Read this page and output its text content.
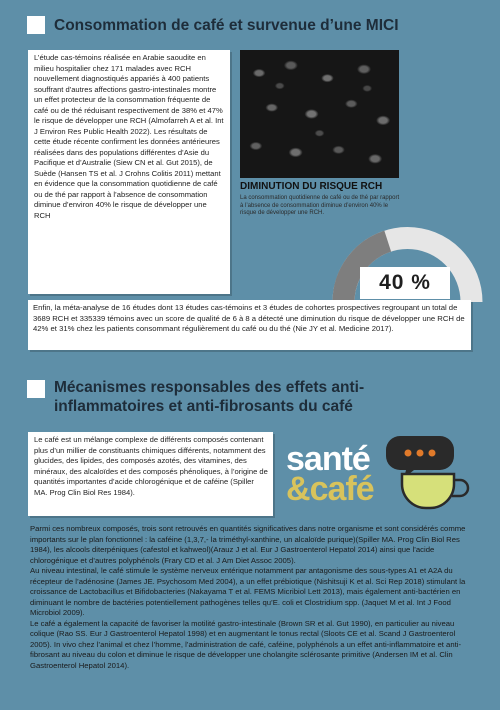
Consommation de café et survenue d’une MICI
L’étude cas-témoins réalisée en Arabie saoudite en milieu hospitalier chez 171 malades avec RCH nouvellement diagnostiqués appariés à 400 patients souffrant d'autres affections gastro-intestinales montre un effet protecteur de la consommation fréquente de café ou de thé réduisant respectivement de 38% et 47% le risque de développer une RCH (Almofarreh A et al. Int J Environ Res Public Health 2022). Les résultats de cette étude récente confirment les données antérieures réalisées dans des populations différentes d’Asie du Pacifique et d’Australie (Siew CN et al. Gut 2015), de Suède (Hansen TS et al. J Crohns Colitis 2011) mettant en évidence que la consommation quotidienne de café ou de thé par rapport à l’absence de consommation diminue d’environ 40% le risque de développer une RCH
DIMINUTION DU RISQUE RCH
La consommation quotidienne de café ou de thé par rapport à l’absence de consommation diminue d’environ 40% le risque de développer une RCH.
40 %
Enfin, la méta-analyse de 16 études dont 13 études cas-témoins et 3 études de cohortes prospectives regroupant un total de 3689 RCH et 335339 témoins avec un score de qualité de 6 à 8 a détecté une diminution du risque de développer une RCH de 42% et 31% chez les patients consommant régulièrement du café ou du thé (Nie JY et al. Medicine 2017).
Mécanismes responsables des effets anti-
inflammatoires et anti-fibrosants du café
Le café est un mélange complexe de différents composés contenant plus d’un millier de constituants chimiques différents, notamment des glucides, des lipides, des composés azotés, des vitamines, des minéraux, des alcaloïdes et des composés phénoliques, à l’origine de quantités importantes d’acide chlorogénique et de caféine (Spiller MA. Prog Clin Biol Res 1984).
santé
&café
Parmi ces nombreux composés, trois sont retrouvés en quantités significatives dans notre organisme et sont considérés comme importants sur le plan fonctionnel : la caféine (1,3,7,- la triméthyl-xanthine, un alcaloïde purique)(Spiller MA. Prog Clin Biol Res 1984), les alcools diterpéniques (cafestol et kahweol)(Arauz J et al. Eur J Gastroenterol Hepatol 2014) ainsi que l’acide chlorogénique et d’autres polyphénols (Frary CD et al. J Am Diet Assoc 2005).
Au niveau intestinal, le café stimule le système nerveux entérique notamment par antagonisme des sous-types A1 et A2A du récepteur de l’adénosine (James JE. Psychosom Med 2004), a un effet prébiotique (Nishitsuji K et al. Sci Rep 2018) stimulant la croissance de Lactobacillus et Bifidobacteries (Nakayama T et al. FEMS Micribiol Lett 2013), mais également anti-bactérien en diminuant le nombre de bactéries potentiellement pathogènes telles qu’E. coli et Clostridium spp. (Jaquet M et al. Int J Food Microbiol 2009).
Le café a également la capacité de favoriser la motilité gastro-intestinale (Brown SR et al. Gut 1990), en particulier au niveau colique (Rao SS. Eur J Gastroenterol Hepatol 1998) et en augmentant le tonus rectal (Sloots CE et al. Scand J Gastroenterol 2005). In vivo chez l’animal et chez l’homme, l’administration de café, caféine, polyphénols a un effet anti-inflammatoire et anti-fibrosant au niveau du colon et diminue le risque de développer une cholangite sclérosante primitive (Andersen IM et al. Clin Gastroenterol Hepatol 2014).
